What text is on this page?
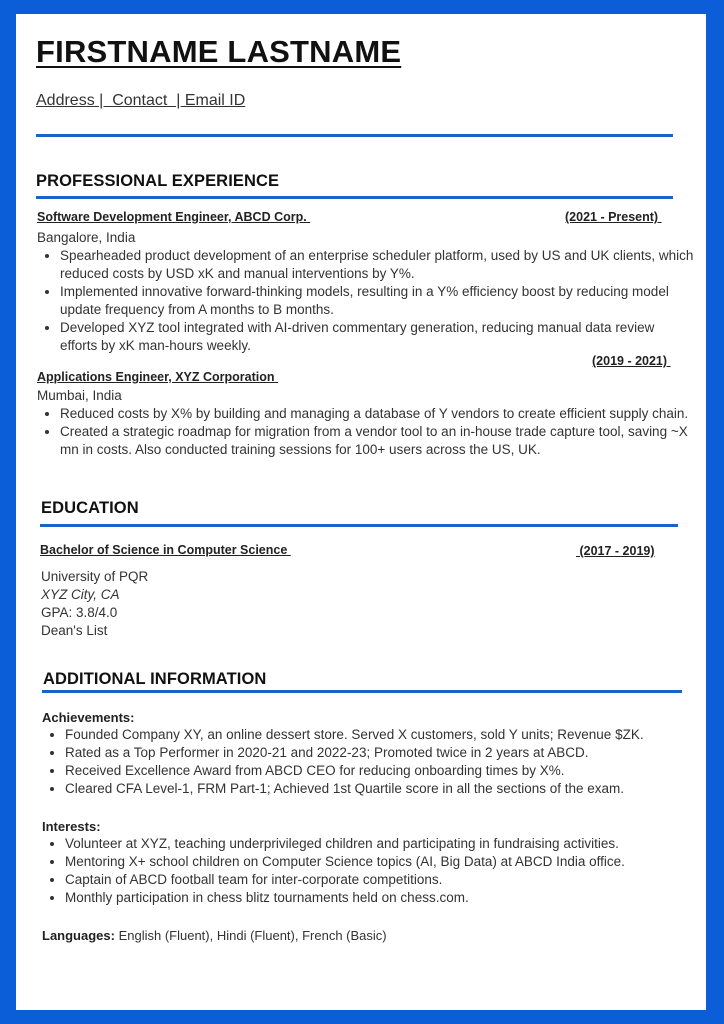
FIRSTNAME LASTNAME
Address |  Contact  | Email ID
PROFESSIONAL EXPERIENCE
Software Development Engineer, ABCD Corp.	(2021 - Present)
Bangalore, India
• Spearheaded product development of an enterprise scheduler platform, used by US and UK clients, which reduced costs by USD xK and manual interventions by Y%.
• Implemented innovative forward-thinking models, resulting in a Y% efficiency boost by reducing model update frequency from A months to B months.
• Developed XYZ tool integrated with AI-driven commentary generation, reducing manual data review efforts by xK man-hours weekly.
(2019 - 2021)
Applications Engineer, XYZ Corporation
Mumbai, India
• Reduced costs by X% by building and managing a database of Y vendors to create efficient supply chain.
• Created a strategic roadmap for migration from a vendor tool to an in-house trade capture tool, saving ~X mn in costs. Also conducted training sessions for 100+ users across the US, UK.
EDUCATION
Bachelor of Science in Computer Science	(2017 - 2019)
University of PQR
XYZ City, CA
GPA: 3.8/4.0
Dean's List
ADDITIONAL INFORMATION
Achievements:
• Founded Company XY, an online dessert store. Served X customers, sold Y units; Revenue $ZK.
• Rated as a Top Performer in 2020-21 and 2022-23; Promoted twice in 2 years at ABCD.
• Received Excellence Award from ABCD CEO for reducing onboarding times by X%.
• Cleared CFA Level-1, FRM Part-1; Achieved 1st Quartile score in all the sections of the exam.
Interests:
• Volunteer at XYZ, teaching underprivileged children and participating in fundraising activities.
• Mentoring X+ school children on Computer Science topics (AI, Big Data) at ABCD India office.
• Captain of ABCD football team for inter-corporate competitions.
• Monthly participation in chess blitz tournaments held on chess.com.
Languages: English (Fluent), Hindi (Fluent), French (Basic)
